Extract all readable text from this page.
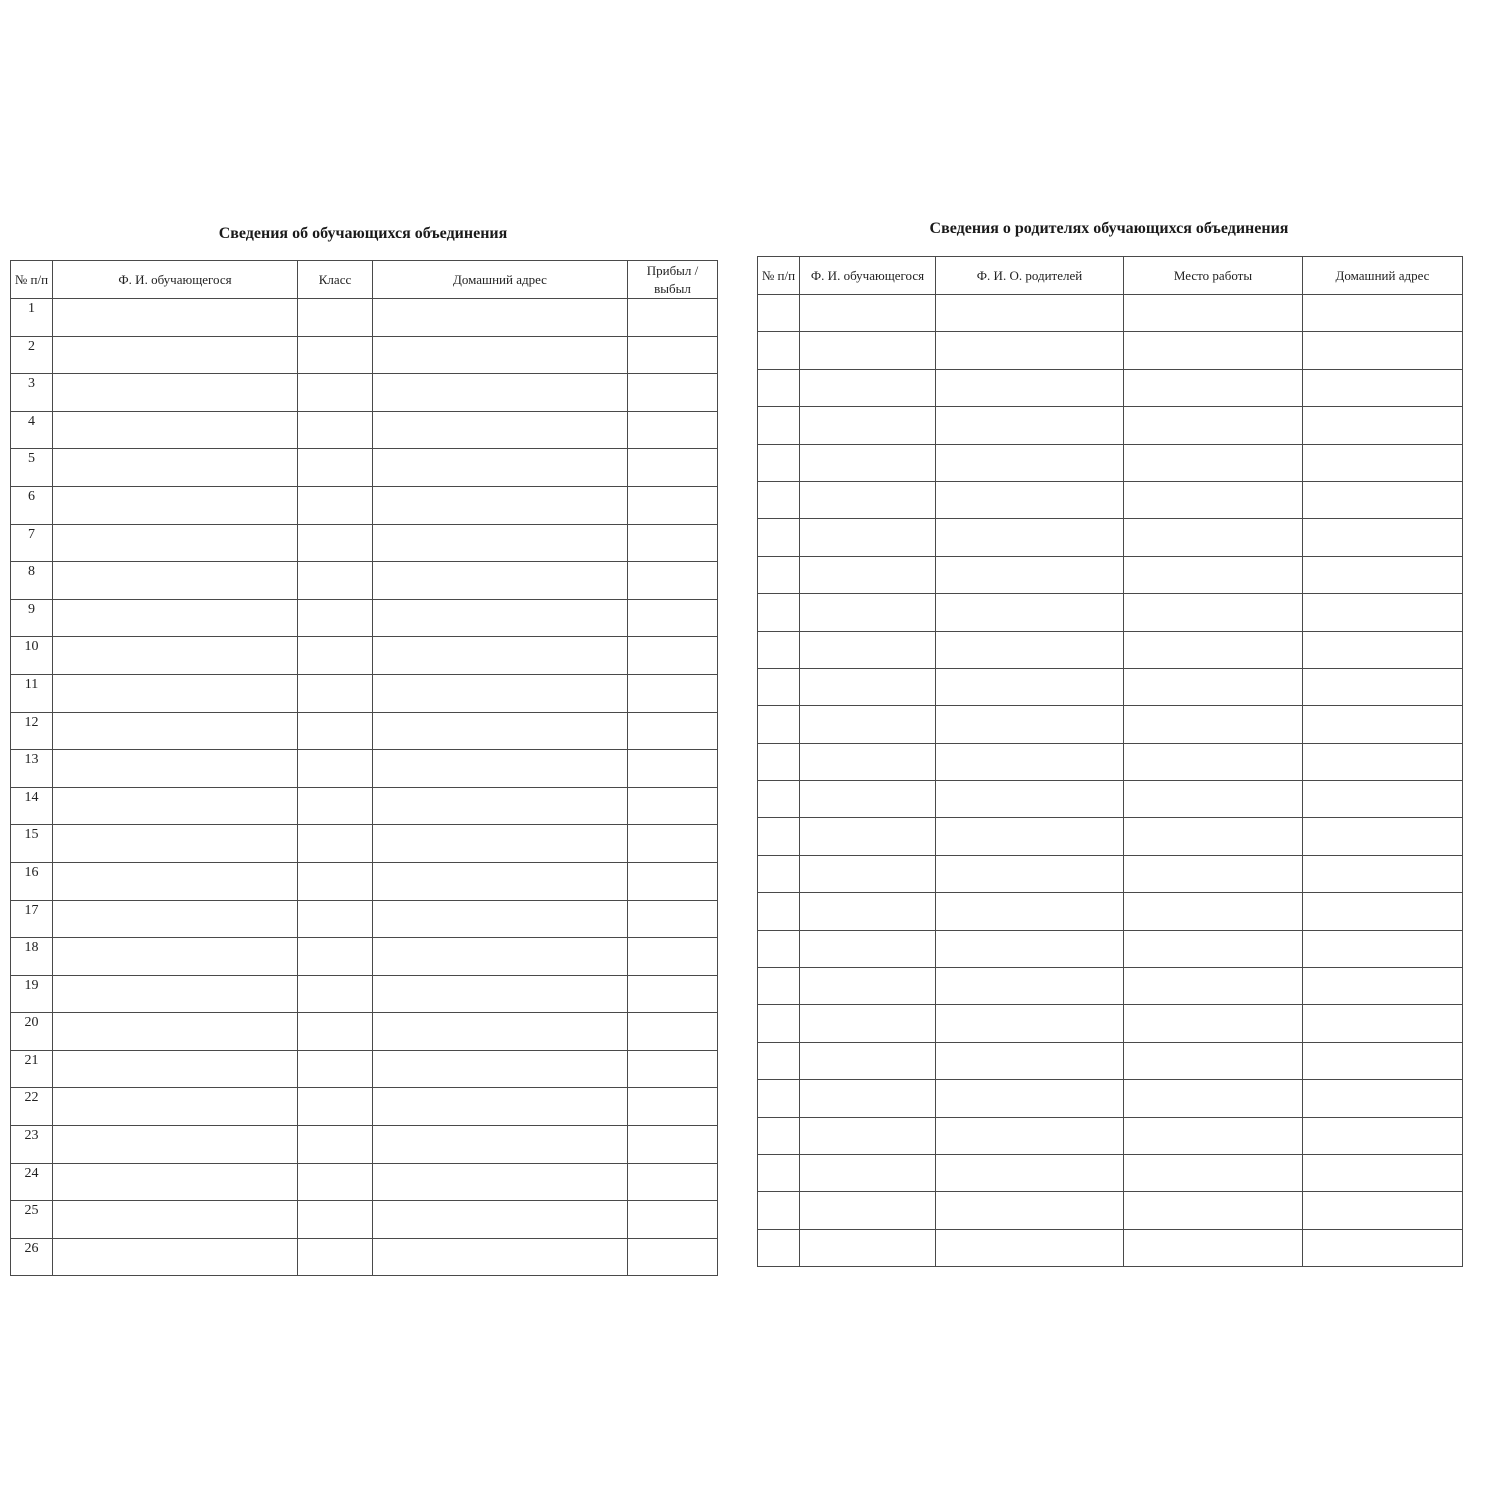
Сведения об обучающихся объединения
№ п/п	Ф. И. обучающегося	Класс	Домашний адрес	Прибыл / выбыл
1				
2				
3				
4				
5				
6				
7				
8				
9				
10				
11				
12				
13				
14				
15				
16				
17				
18				
19				
20				
21				
22				
23				
24				
25				
26				
Сведения о родителях обучающихся объединения
№ п/п	Ф. И. обучающегося	Ф. И. О. родителей	Место работы	Домашний адрес
